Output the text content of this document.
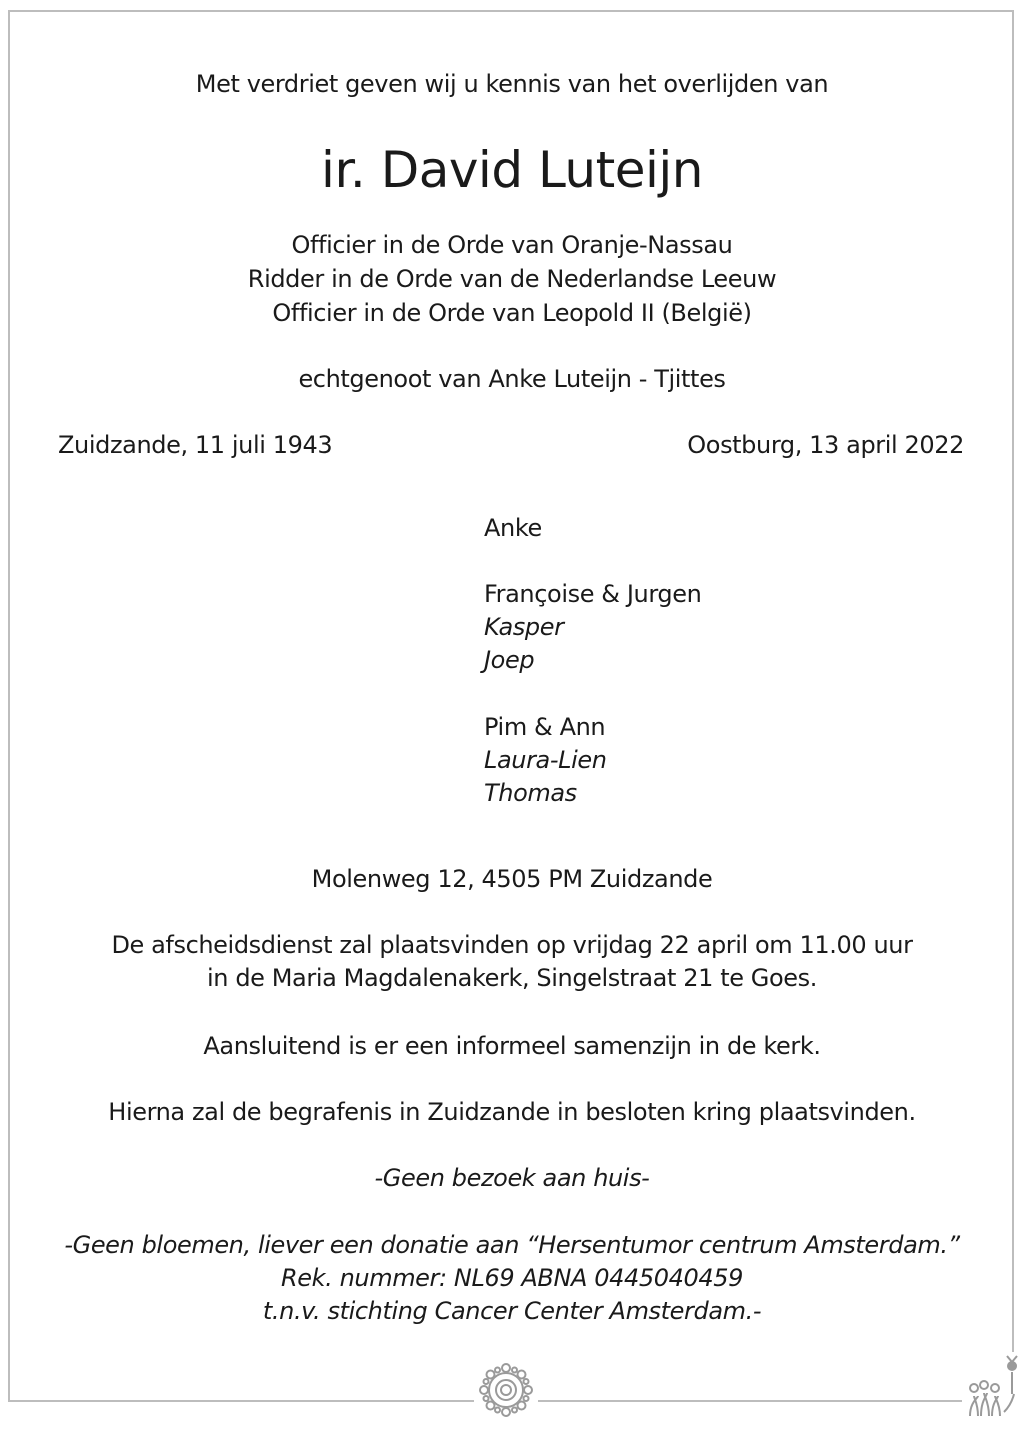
Met verdriet geven wij u kennis van het overlijden van
ir. David Luteijn
Officier in de Orde van Oranje-Nassau
Ridder in de Orde van de Nederlandse Leeuw
Officier in de Orde van Leopold II (België)
echtgenoot van Anke Luteijn - Tjittes
Zuidzande, 11 juli 1943	Oostburg, 13 april 2022
Anke
Françoise & Jurgen
Kasper
Joep
Pim & Ann
Laura-Lien
Thomas
Molenweg 12, 4505 PM Zuidzande
De afscheidsdienst zal plaatsvinden op vrijdag 22 april om 11.00 uur
in de Maria Magdalenakerk, Singelstraat 21 te Goes.
Aansluitend is er een informeel samenzijn in de kerk.
Hierna zal de begrafenis in Zuidzande in besloten kring plaatsvinden.
-Geen bezoek aan huis-
-Geen bloemen, liever een donatie aan “Hersentumor centrum Amsterdam.”
Rek. nummer: NL69 ABNA 0445040459
t.n.v. stichting Cancer Center Amsterdam.-
